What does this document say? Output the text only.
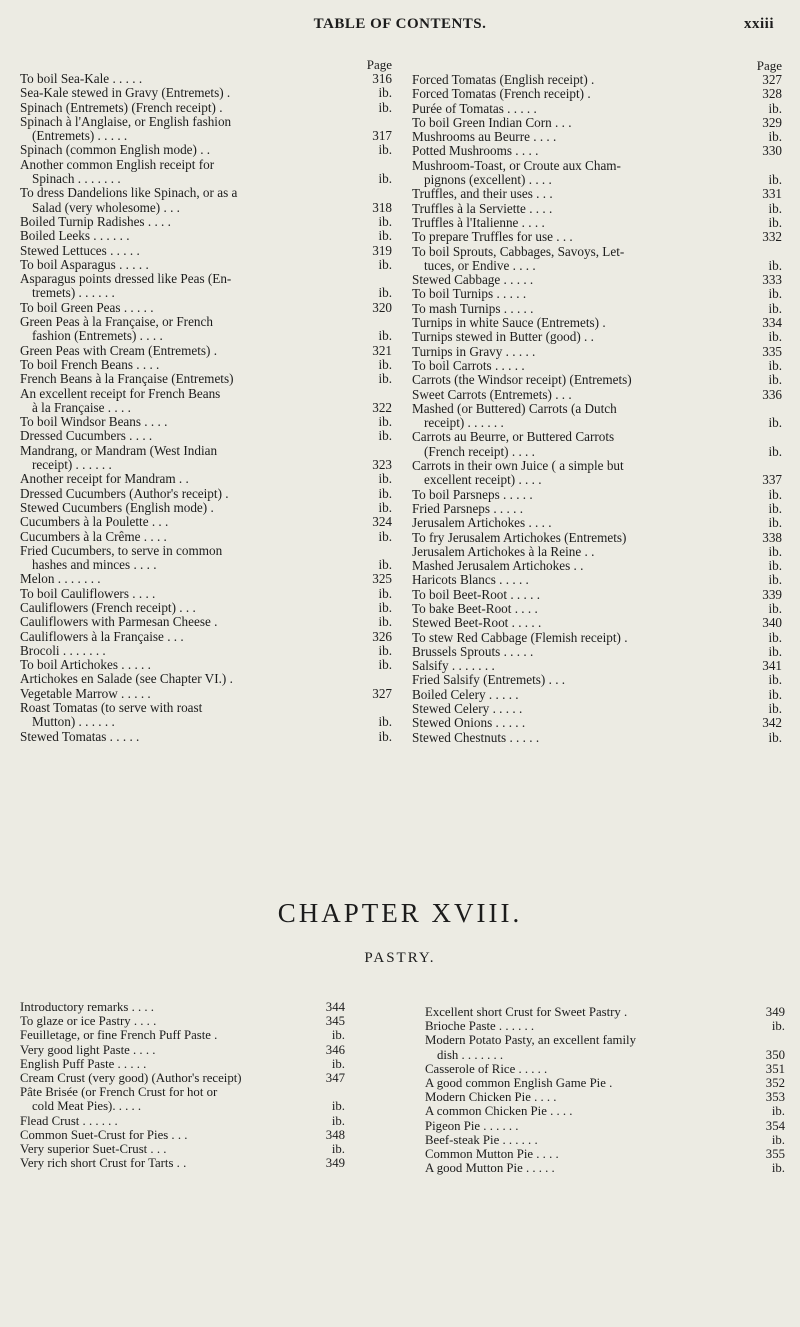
TABLE OF CONTENTS.	xxiii
Page
To boil Sea-Kale . . . . .	316
Sea-Kale stewed in Gravy (Entremets) .	ib.
Spinach (Entremets) (French receipt) .	ib.
Spinach à l'Anglaise, or English fashion
(Entremets) . . . . .	317
Spinach (common English mode) . .	ib.
Another common English receipt for
Spinach . . . . . . .	ib.
To dress Dandelions like Spinach, or as a
Salad (very wholesome) . . .	318
Boiled Turnip Radishes . . . .	ib.
Boiled Leeks . . . . . .	ib.
Stewed Lettuces . . . . .	319
To boil Asparagus . . . . .	ib.
Asparagus points dressed like Peas (En-
tremets) . . . . . .	ib.
To boil Green Peas . . . . .	320
Green Peas à la Française, or French
fashion (Entremets) . . . .	ib.
Green Peas with Cream (Entremets) .	321
To boil French Beans . . . .	ib.
French Beans à la Française (Entremets)	ib.
An excellent receipt for French Beans
à la Française . . . .	322
To boil Windsor Beans . . . .	ib.
Dressed Cucumbers . . . .	ib.
Mandrang, or Mandram (West Indian
receipt) . . . . . .	323
Another receipt for Mandram . .	ib.
Dressed Cucumbers (Author's receipt) .	ib.
Stewed Cucumbers (English mode) .	ib.
Cucumbers à la Poulette . . .	324
Cucumbers à la Crême . . . .	ib.
Fried Cucumbers, to serve in common
hashes and minces . . . .	ib.
Melon . . . . . . .	325
To boil Cauliflowers . . . .	ib.
Cauliflowers (French receipt) . . .	ib.
Cauliflowers with Parmesan Cheese .	ib.
Cauliflowers à la Française . . .	326
Brocoli . . . . . . .	ib.
To boil Artichokes . . . . .	ib.
Artichokes en Salade (see Chapter VI.) .
Vegetable Marrow . . . . .	327
Roast Tomatas (to serve with roast
Mutton) . . . . . .	ib.
Stewed Tomatas . . . . .	ib.
Page
Forced Tomatas (English receipt) .	327
Forced Tomatas (French receipt) .	328
Purée of Tomatas . . . . .	ib.
To boil Green Indian Corn . . .	329
Mushrooms au Beurre . . . .	ib.
Potted Mushrooms . . . .	330
Mushroom-Toast, or Croute aux Cham-
pignons (excellent) . . . .	ib.
Truffles, and their uses . . .	331
Truffles à la Serviette . . . .	ib.
Truffles à l'Italienne . . . .	ib.
To prepare Truffles for use . . .	332
To boil Sprouts, Cabbages, Savoys, Let-
tuces, or Endive . . . .	ib.
Stewed Cabbage . . . . .	333
To boil Turnips . . . . .	ib.
To mash Turnips . . . . .	ib.
Turnips in white Sauce (Entremets) .	334
Turnips stewed in Butter (good) . .	ib.
Turnips in Gravy . . . . .	335
To boil Carrots . . . . .	ib.
Carrots (the Windsor receipt) (Entremets)	ib.
Sweet Carrots (Entremets) . . .	336
Mashed (or Buttered) Carrots (a Dutch
receipt) . . . . . .	ib.
Carrots au Beurre, or Buttered Carrots
(French receipt) . . . .	ib.
Carrots in their own Juice ( a simple but
excellent receipt) . . . .	337
To boil Parsneps . . . . .	ib.
Fried Parsneps . . . . .	ib.
Jerusalem Artichokes . . . .	ib.
To fry Jerusalem Artichokes (Entremets)	338
Jerusalem Artichokes à la Reine . .	ib.
Mashed Jerusalem Artichokes . .	ib.
Haricots Blancs . . . . .	ib.
To boil Beet-Root . . . . .	339
To bake Beet-Root . . . .	ib.
Stewed Beet-Root . . . . .	340
To stew Red Cabbage (Flemish receipt) .	ib.
Brussels Sprouts . . . . .	ib.
Salsify . . . . . . .	341
Fried Salsify (Entremets) . . .	ib.
Boiled Celery . . . . .	ib.
Stewed Celery . . . . .	ib.
Stewed Onions . . . . .	342
Stewed Chestnuts . . . . .	ib.
CHAPTER XVIII.
PASTRY.
Introductory remarks . . . .	344
To glaze or ice Pastry . . . .	345
Feuilletage, or fine French Puff Paste .	ib.
Very good light Paste . . . .	346
English Puff Paste . . . . .	ib.
Cream Crust (very good) (Author's receipt)	347
Pâte Brisée (or French Crust for hot or
cold Meat Pies). . . . .	ib.
Flead Crust . . . . . .	ib.
Common Suet-Crust for Pies . . .	348
Very superior Suet-Crust . . .	ib.
Very rich short Crust for Tarts . .	349
Excellent short Crust for Sweet Pastry .	349
Brioche Paste . . . . . .	ib.
Modern Potato Pasty, an excellent family
dish . . . . . . .	350
Casserole of Rice . . . . .	351
A good common English Game Pie .	352
Modern Chicken Pie . . . .	353
A common Chicken Pie . . . .	ib.
Pigeon Pie . . . . . .	354
Beef-steak Pie . . . . . .	ib.
Common Mutton Pie . . . .	355
A good Mutton Pie . . . . .	ib.
